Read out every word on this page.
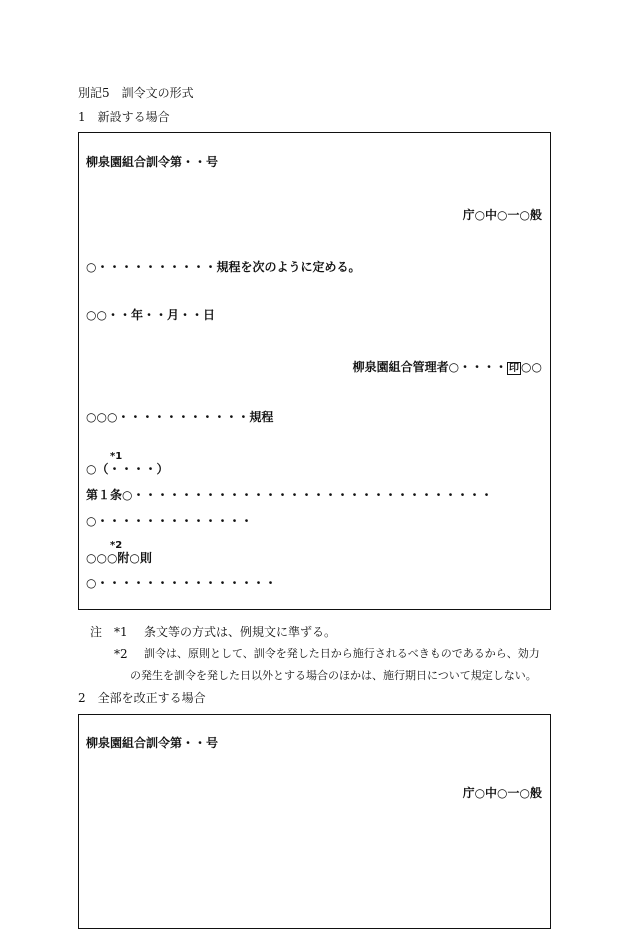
別記5　訓令文の形式
1　新設する場合
柳泉園組合訓令第・・号
庁○中○一○般
○・・・・・・・・・・規程を次のように定める。
○○・・年・・月・・日
柳泉園組合管理者○・・・・ 印 ○○
○○○・・・・・・・・・・・規程
*1
○（・・・・）
第１条○・・・・・・・・・・・・・・・・・・・・・・・・・・・・・・
○・・・・・・・・・・・・・
*2
○○○附○則
○・・・・・・・・・・・・・・・
注 *1 条文等の方式は、例規文に準ずる。
*2 訓令は、原則として、訓令を発した日から施行されるべきものであるから、効力
の発生を訓令を発した日以外とする場合のほかは、施行期日について規定しない。
2　全部を改正する場合
柳泉園組合訓令第・・号
庁○中○一○般
